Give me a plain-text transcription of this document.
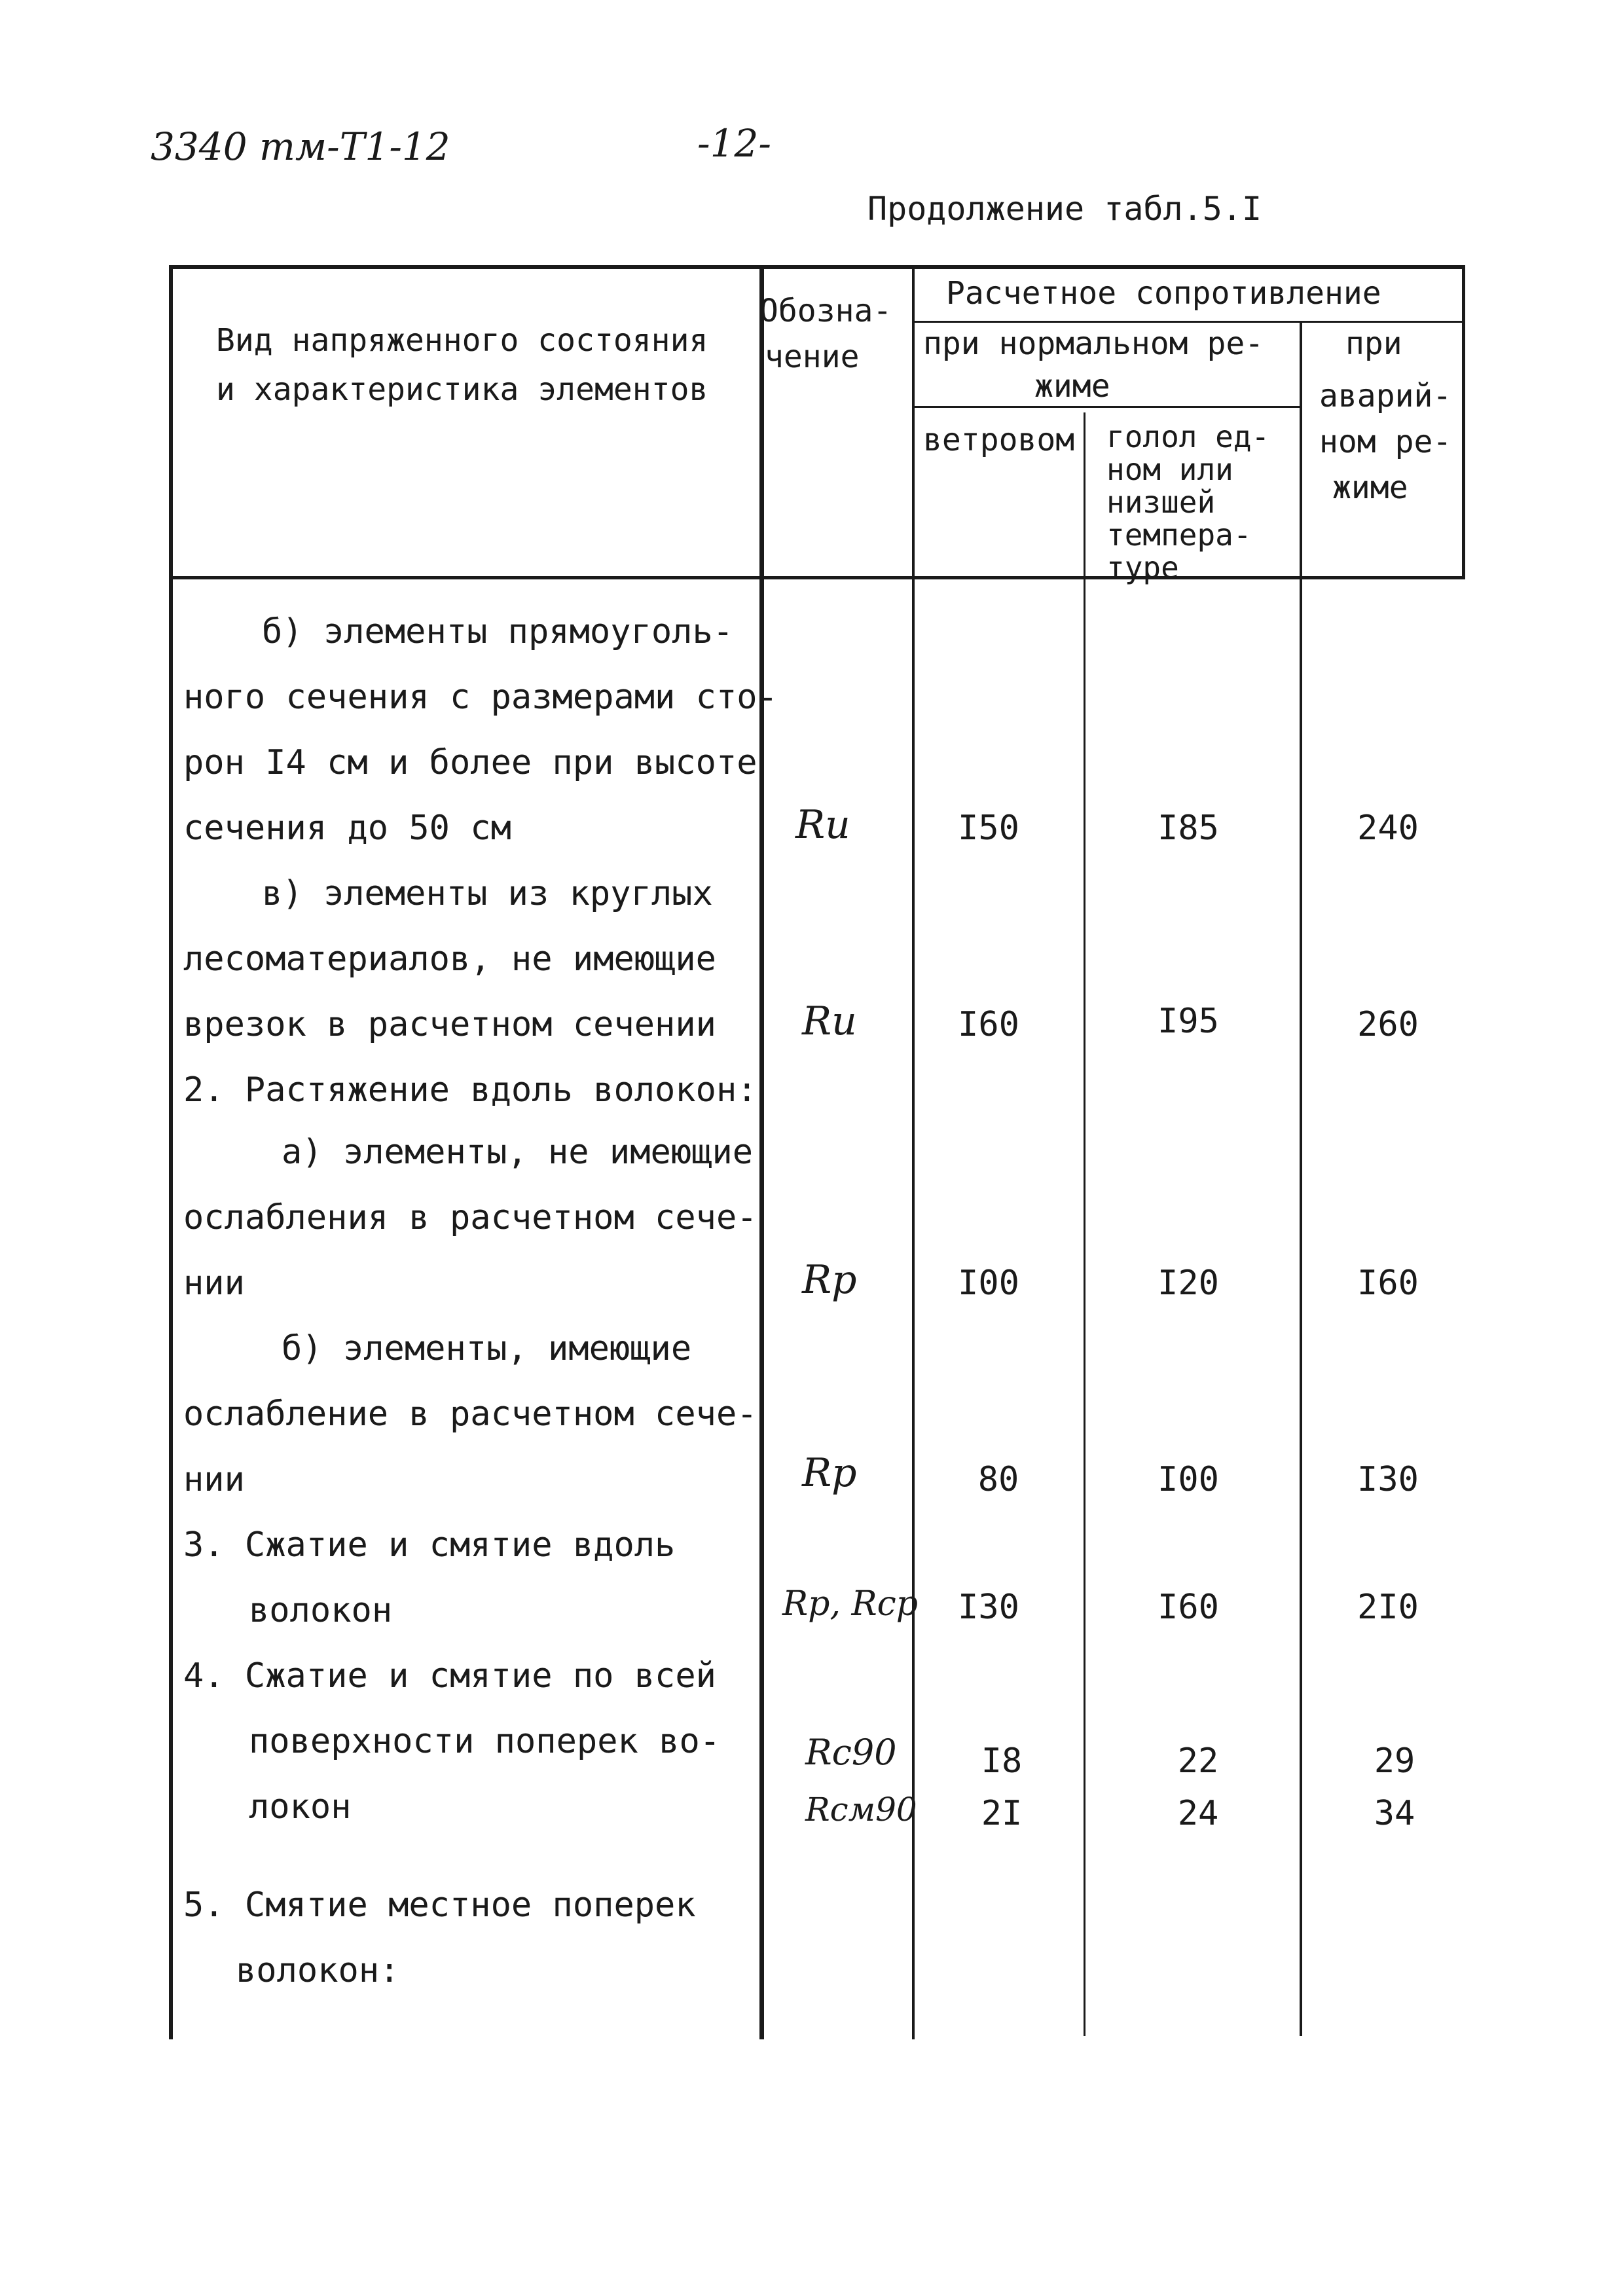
3340 тм-Т1-12	-12-
Продолжение табл.5.I
Вид напряженного состояния
и характеристика элементов
Обозна-
чение
Расчетное сопротивление
при нормальном ре-
жиме
ветровом голол ед-
ном или
низшей
темпера-
туре
при
аварий-
ном ре-
жиме
б) элементы прямоуголь-
ного сечения с размерами сто-
рон I4 см и более при высоте
сечения до 50 см
в) элементы из круглых
лесоматериалов, не имеющие
врезок в расчетном сечении
2. Растяжение вдоль волокон:
а) элементы, не имеющие
ослабления в расчетном сече-
нии
б) элементы, имеющие
ослабление в расчетном сече-
нии
3. Сжатие и смятие вдоль
волокон
4. Сжатие и смятие по всей
поверхности поперек во-
локон
5. Смятие местное поперек
волокон:
Rи
Rи
Rр
Rр
Rр, Rср
Rс90
Rсм90
I50
I60
I00
80
I30
I8
2I
I85
I95
I20
I00
I60
22
24
240
260
I60
I30
2I0
29
34
